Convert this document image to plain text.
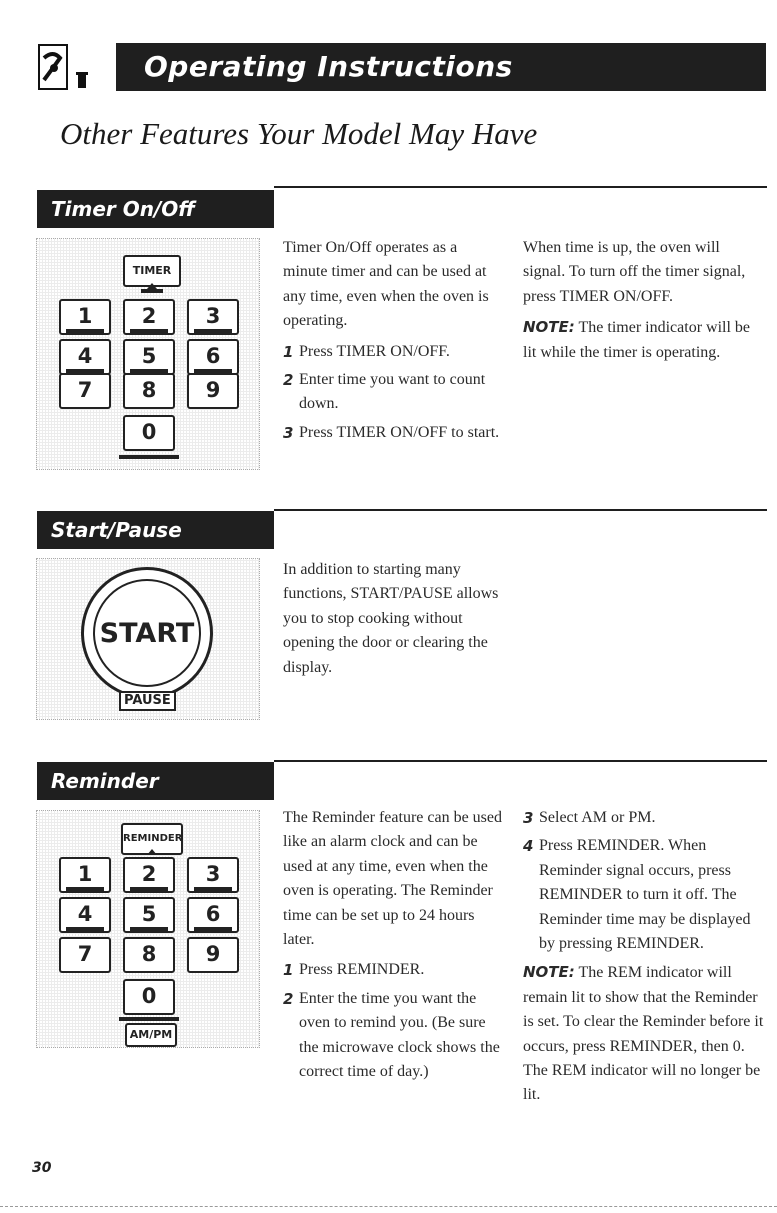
Operating Instructions
Other Features Your Model May Have
Timer On/Off
TIMER
1	2	3
4	5	6
7	8	9
0

Timer On/Off operates as a minute timer and can be used at any time, even when the oven is operating.

1 Press TIMER ON/OFF.
2 Enter time you want to count down.
3 Press TIMER ON/OFF to start.

When time is up, the oven will signal. To turn off the timer signal, press TIMER ON/OFF.

NOTE: The timer indicator will be lit while the timer is operating.

Start/Pause
START
PAUSE

In addition to starting many functions, START/PAUSE allows you to stop cooking without opening the door or clearing the display.

Reminder
REMINDER
1	2	3
4	5	6
7	8	9
0
AM/PM

The Reminder feature can be used like an alarm clock and can be used at any time, even when the oven is operating. The Reminder time can be set up to 24 hours later.

1 Press REMINDER.
2 Enter the time you want the oven to remind you. (Be sure the microwave clock shows the correct time of day.)
3 Select AM or PM.
4 Press REMINDER. When Reminder signal occurs, press REMINDER to turn it off. The Reminder time may be displayed by pressing REMINDER.

NOTE: The REM indicator will remain lit to show that the Reminder is set. To clear the Reminder before it occurs, press REMINDER, then 0. The REM indicator will no longer be lit.

30
